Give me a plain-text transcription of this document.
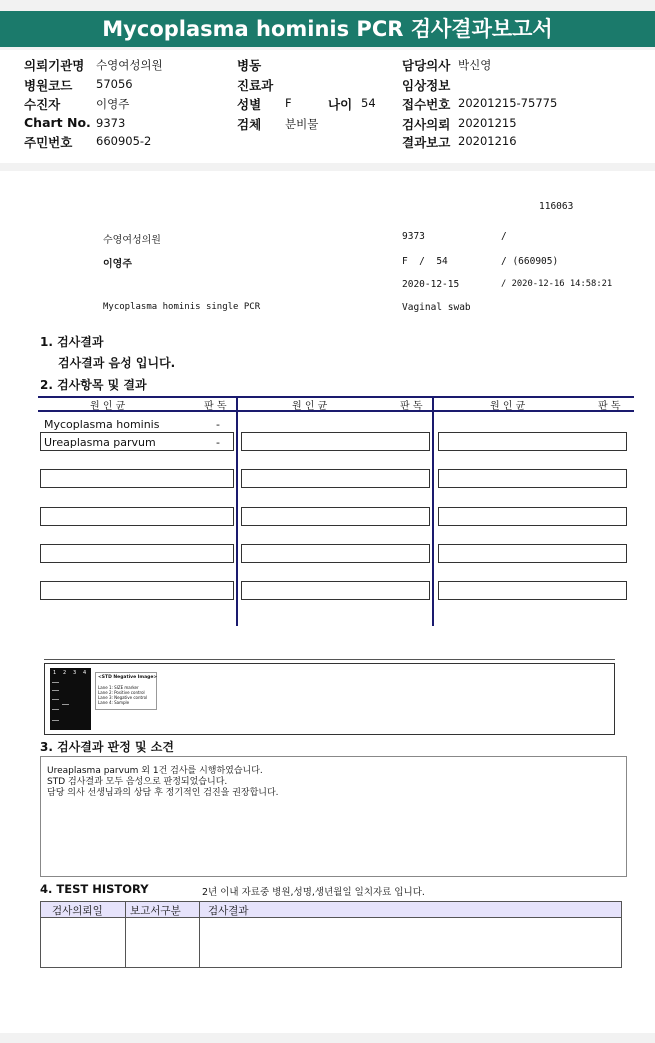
Mycoplasma hominis PCR 검사결과보고서
의뢰기관명 수영여성의원
병원코드 57056
수진자	이영주
Chart No. 9373
주민번호 660905-2
병동
진료과
성별 F	나이 54
검체 분비물
담당의사 박신영
임상정보
접수번호 20201215-75775
검사의뢰 20201215
결과보고 20201216
116063
수영여성의원	9373	/
이영주	F  /  54	/ (660905)
2020-12-15	/ 2020-12-16 14:58:21
Mycoplasma hominis single PCR	Vaginal swab
1. 검사결과
검사결과 음성 입니다.
2. 검사항목 및 결과
원 인 균	판 독	원 인 균	판 독	원 인 균	판 독
Mycoplasma hominis	-
Ureaplasma parvum	-
1 2 3 4
<STD Negative Image>
Lane 1: SIZE marker
Lane 2: Positive control
Lane 3: Negative control
Lane 4: Sample
3. 검사결과 판정 및 소견
Ureaplasma parvum 외 1건 검사를 시행하였습니다.
STD 검사결과 모두 음성으로 판정되었습니다.
담당 의사 선생님과의 상담 후 정기적인 검진을 권장합니다.
4. TEST HISTORY	2년 이내 자료중 병원,성명,생년월일 일치자료 입니다.
검사의뢰일	보고서구분	검사결과
